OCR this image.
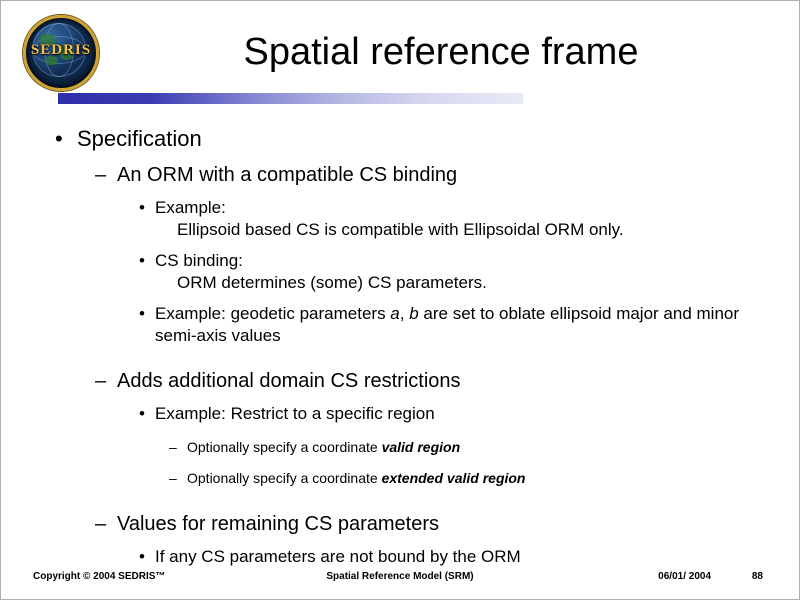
SEDRIS	Spatial reference frame
• Specification
– An ORM with a compatible CS binding
• Example:
Ellipsoid based CS is compatible with Ellipsoidal ORM only.
• CS binding:
ORM determines (some) CS parameters.
• Example: geodetic parameters a, b are set to oblate ellipsoid major and minor semi-axis values
– Adds additional domain CS restrictions
• Example: Restrict to a specific region
– Optionally specify a coordinate valid region
– Optionally specify a coordinate extended valid region
– Values for remaining CS parameters
• If any CS parameters are not bound by the ORM
Copyright © 2004 SEDRIS™	Spatial Reference Model (SRM)	06/01/ 2004	88
